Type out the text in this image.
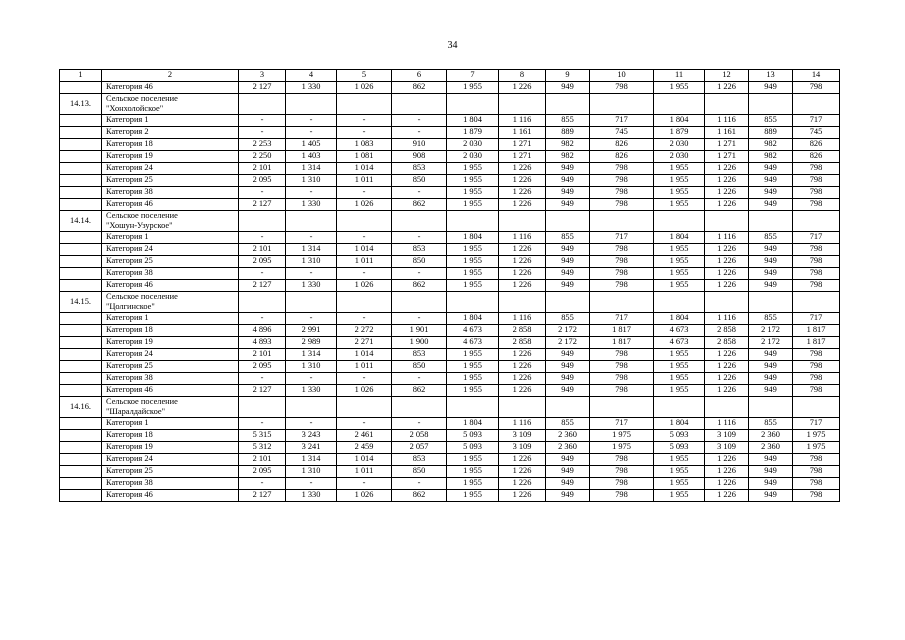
34
1	2	3	4	5	6	7	8	9	10	11	12	13	14
	Категория 46	2 127	1 330	1 026	862	1 955	1 226	949	798	1 955	1 226	949	798
14.13.	Сельское поселение
"Хонхолойское"												

	Категория 1	-	-	-	-	1 804	1 116	855	717	1 804	1 116	855	717
	Категория 2	-	-	-	-	1 879	1 161	889	745	1 879	1 161	889	745
	Категория 18	2 253	1 405	1 083	910	2 030	1 271	982	826	2 030	1 271	982	826
	Категория 19	2 250	1 403	1 081	908	2 030	1 271	982	826	2 030	1 271	982	826
	Категория 24	2 101	1 314	1 014	853	1 955	1 226	949	798	1 955	1 226	949	798
	Категория 25	2 095	1 310	1 011	850	1 955	1 226	949	798	1 955	1 226	949	798
	Категория 38	-	-	-	-	1 955	1 226	949	798	1 955	1 226	949	798
	Категория 46	2 127	1 330	1 026	862	1 955	1 226	949	798	1 955	1 226	949	798
14.14.	Сельское поселение
"Хошун-Узурское"												

	Категория 1	-	-	-	-	1 804	1 116	855	717	1 804	1 116	855	717
	Категория 24	2 101	1 314	1 014	853	1 955	1 226	949	798	1 955	1 226	949	798
	Категория 25	2 095	1 310	1 011	850	1 955	1 226	949	798	1 955	1 226	949	798
	Категория 38	-	-	-	-	1 955	1 226	949	798	1 955	1 226	949	798
	Категория 46	2 127	1 330	1 026	862	1 955	1 226	949	798	1 955	1 226	949	798
14.15.	Сельское поселение
"Цолгинское"												

	Категория 1	-	-	-	-	1 804	1 116	855	717	1 804	1 116	855	717
	Категория 18	4 896	2 991	2 272	1 901	4 673	2 858	2 172	1 817	4 673	2 858	2 172	1 817
	Категория 19	4 893	2 989	2 271	1 900	4 673	2 858	2 172	1 817	4 673	2 858	2 172	1 817
	Категория 24	2 101	1 314	1 014	853	1 955	1 226	949	798	1 955	1 226	949	798
	Категория 25	2 095	1 310	1 011	850	1 955	1 226	949	798	1 955	1 226	949	798
	Категория 38	-	-	-	-	1 955	1 226	949	798	1 955	1 226	949	798
	Категория 46	2 127	1 330	1 026	862	1 955	1 226	949	798	1 955	1 226	949	798
14.16.	Сельское поселение
"Шаралдайское"												

	Категория 1	-	-	-	-	1 804	1 116	855	717	1 804	1 116	855	717
	Категория 18	5 315	3 243	2 461	2 058	5 093	3 109	2 360	1 975	5 093	3 109	2 360	1 975
	Категория 19	5 312	3 241	2 459	2 057	5 093	3 109	2 360	1 975	5 093	3 109	2 360	1 975
	Категория 24	2 101	1 314	1 014	853	1 955	1 226	949	798	1 955	1 226	949	798
	Категория 25	2 095	1 310	1 011	850	1 955	1 226	949	798	1 955	1 226	949	798
	Категория 38	-	-	-	-	1 955	1 226	949	798	1 955	1 226	949	798
	Категория 46	2 127	1 330	1 026	862	1 955	1 226	949	798	1 955	1 226	949	798
